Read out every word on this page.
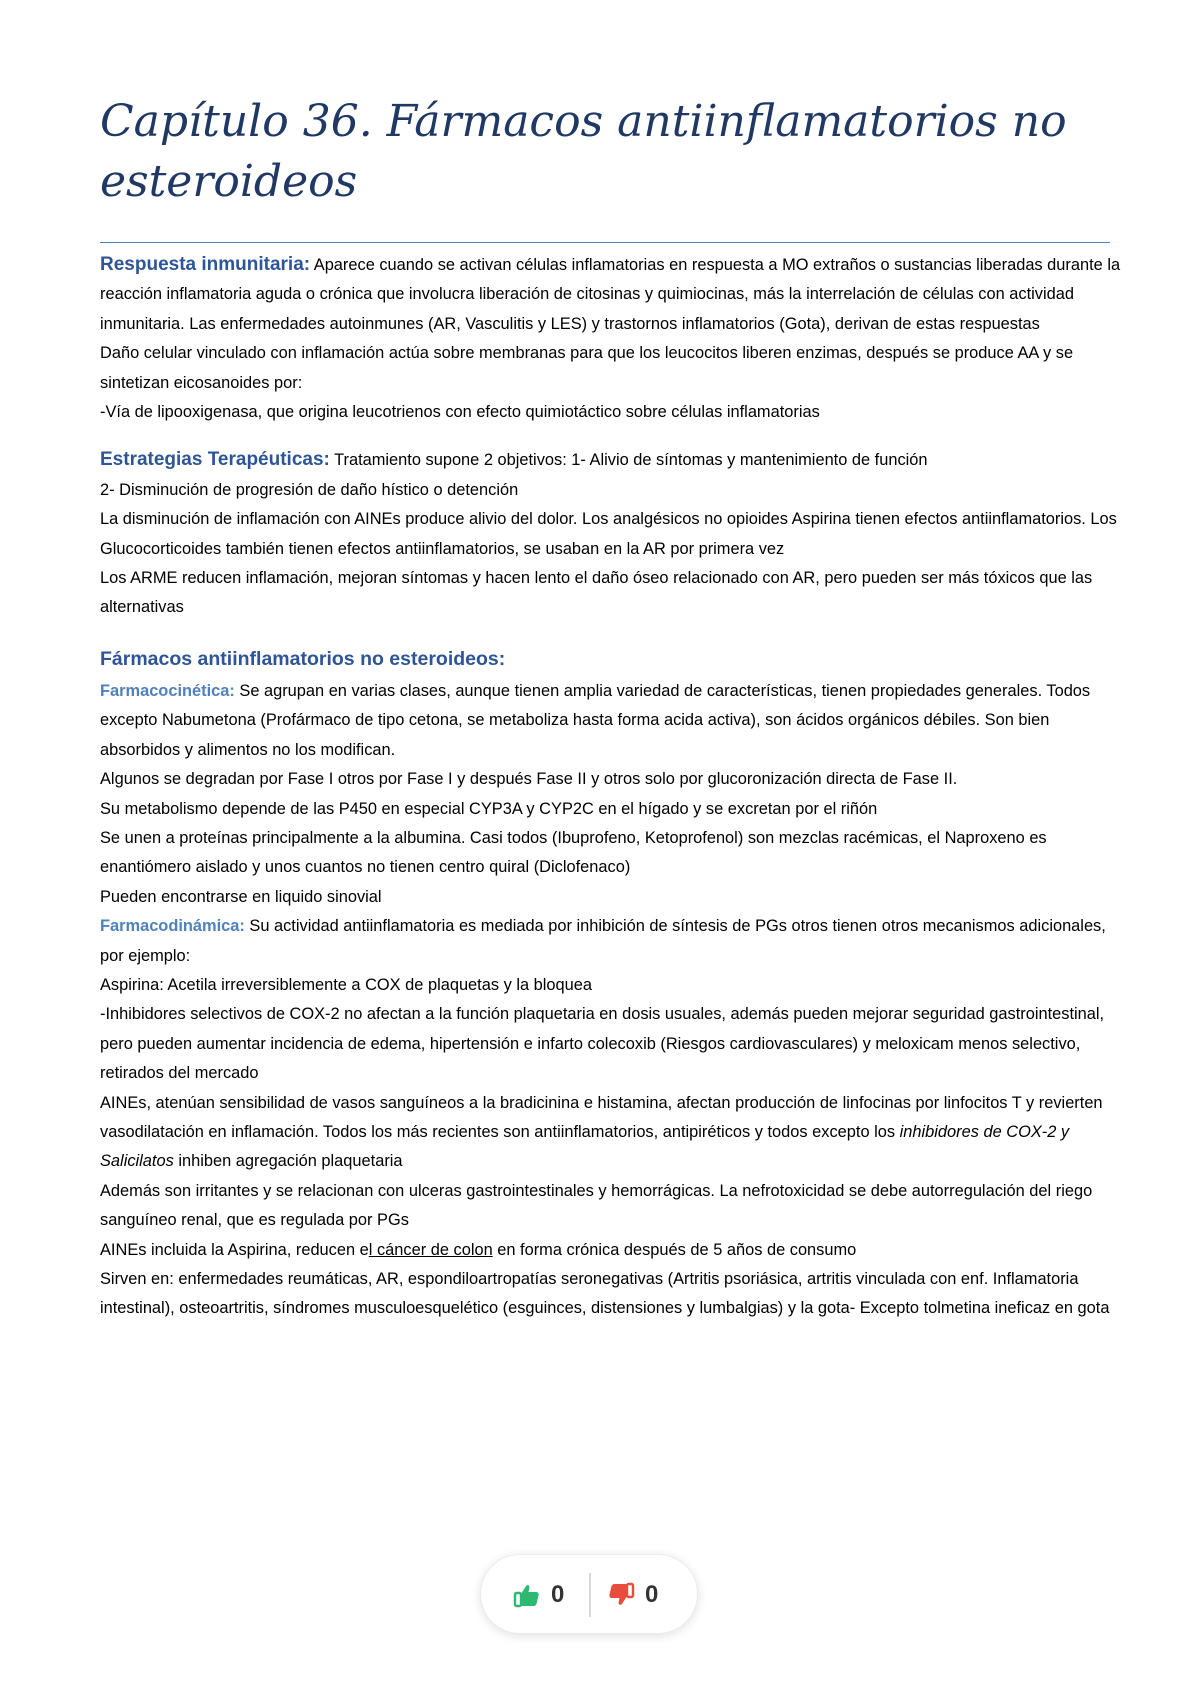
Capítulo 36. Fármacos antiinflamatorios no esteroideos

Respuesta inmunitaria: Aparece cuando se activan células inflamatorias en respuesta a MO extraños o sustancias liberadas durante la reacción inflamatoria aguda o crónica que involucra liberación de citosinas y quimiocinas, más la interrelación de células con actividad inmunitaria. Las enfermedades autoinmunes (AR, Vasculitis y LES) y trastornos inflamatorios (Gota), derivan de estas respuestas

Daño celular vinculado con inflamación actúa sobre membranas para que los leucocitos liberen enzimas, después se produce AA y se sintetizan eicosanoides por:

-Vía de lipooxigenasa, que origina leucotrienos con efecto quimiotáctico sobre células inflamatorias

Estrategias Terapéuticas: Tratamiento supone 2 objetivos: 1- Alivio de síntomas y mantenimiento de función

2- Disminución de progresión de daño hístico o detención

La disminución de inflamación con AINEs produce alivio del dolor. Los analgésicos no opioides Aspirina tienen efectos antiinflamatorios. Los Glucocorticoides también tienen efectos antiinflamatorios, se usaban en la AR por primera vez

Los ARME reducen inflamación, mejoran síntomas y hacen lento el daño óseo relacionado con AR, pero pueden ser más tóxicos que las alternativas

Fármacos antiinflamatorios no esteroideos:

Farmacocinética: Se agrupan en varias clases, aunque tienen amplia variedad de características, tienen propiedades generales. Todos excepto Nabumetona (Profármaco de tipo cetona, se metaboliza hasta forma acida activa), son ácidos orgánicos débiles. Son bien absorbidos y alimentos no los modifican.

Algunos se degradan por Fase I otros por Fase I y después Fase II y otros solo por glucoronización directa de Fase II.

Su metabolismo depende de las P450 en especial CYP3A y CYP2C en el hígado y se excretan por el riñón

Se unen a proteínas principalmente a la albumina. Casi todos (Ibuprofeno, Ketoprofenol) son mezclas racémicas, el Naproxeno es enantiómero aislado y unos cuantos no tienen centro quiral (Diclofenaco)

Pueden encontrarse en liquido sinovial

Farmacodinámica: Su actividad antiinflamatoria es mediada por inhibición de síntesis de PGs otros tienen otros mecanismos adicionales, por ejemplo:

Aspirina: Acetila irreversiblemente a COX de plaquetas y la bloquea

-Inhibidores selectivos de COX-2 no afectan a la función plaquetaria en dosis usuales, además pueden mejorar seguridad gastrointestinal, pero pueden aumentar incidencia de edema, hipertensión e infarto colecoxib (Riesgos cardiovasculares) y meloxicam menos selectivo, retirados del mercado

AINEs, atenúan sensibilidad de vasos sanguíneos a la bradicinina e histamina, afectan producción de linfocinas por linfocitos T y revierten vasodilatación en inflamación. Todos los más recientes son antiinflamatorios, antipiréticos y todos excepto los inhibidores de COX-2 y Salicilatos inhiben agregación plaquetaria

Además son irritantes y se relacionan con ulceras gastrointestinales y hemorrágicas. La nefrotoxicidad se debe autorregulación del riego sanguíneo renal, que es regulada por PGs

AINEs incluida la Aspirina, reducen el cáncer de colon en forma crónica después de 5 años de consumo

Sirven en: enfermedades reumáticas, AR, espondiloartropatías seronegativas (Artritis psoriásica, artritis vinculada con enf. Inflamatoria intestinal), osteoartritis, síndromes musculoesquelético (esguinces, distensiones y lumbalgias) y la gota- Excepto tolmetina ineficaz en gota

0	0
